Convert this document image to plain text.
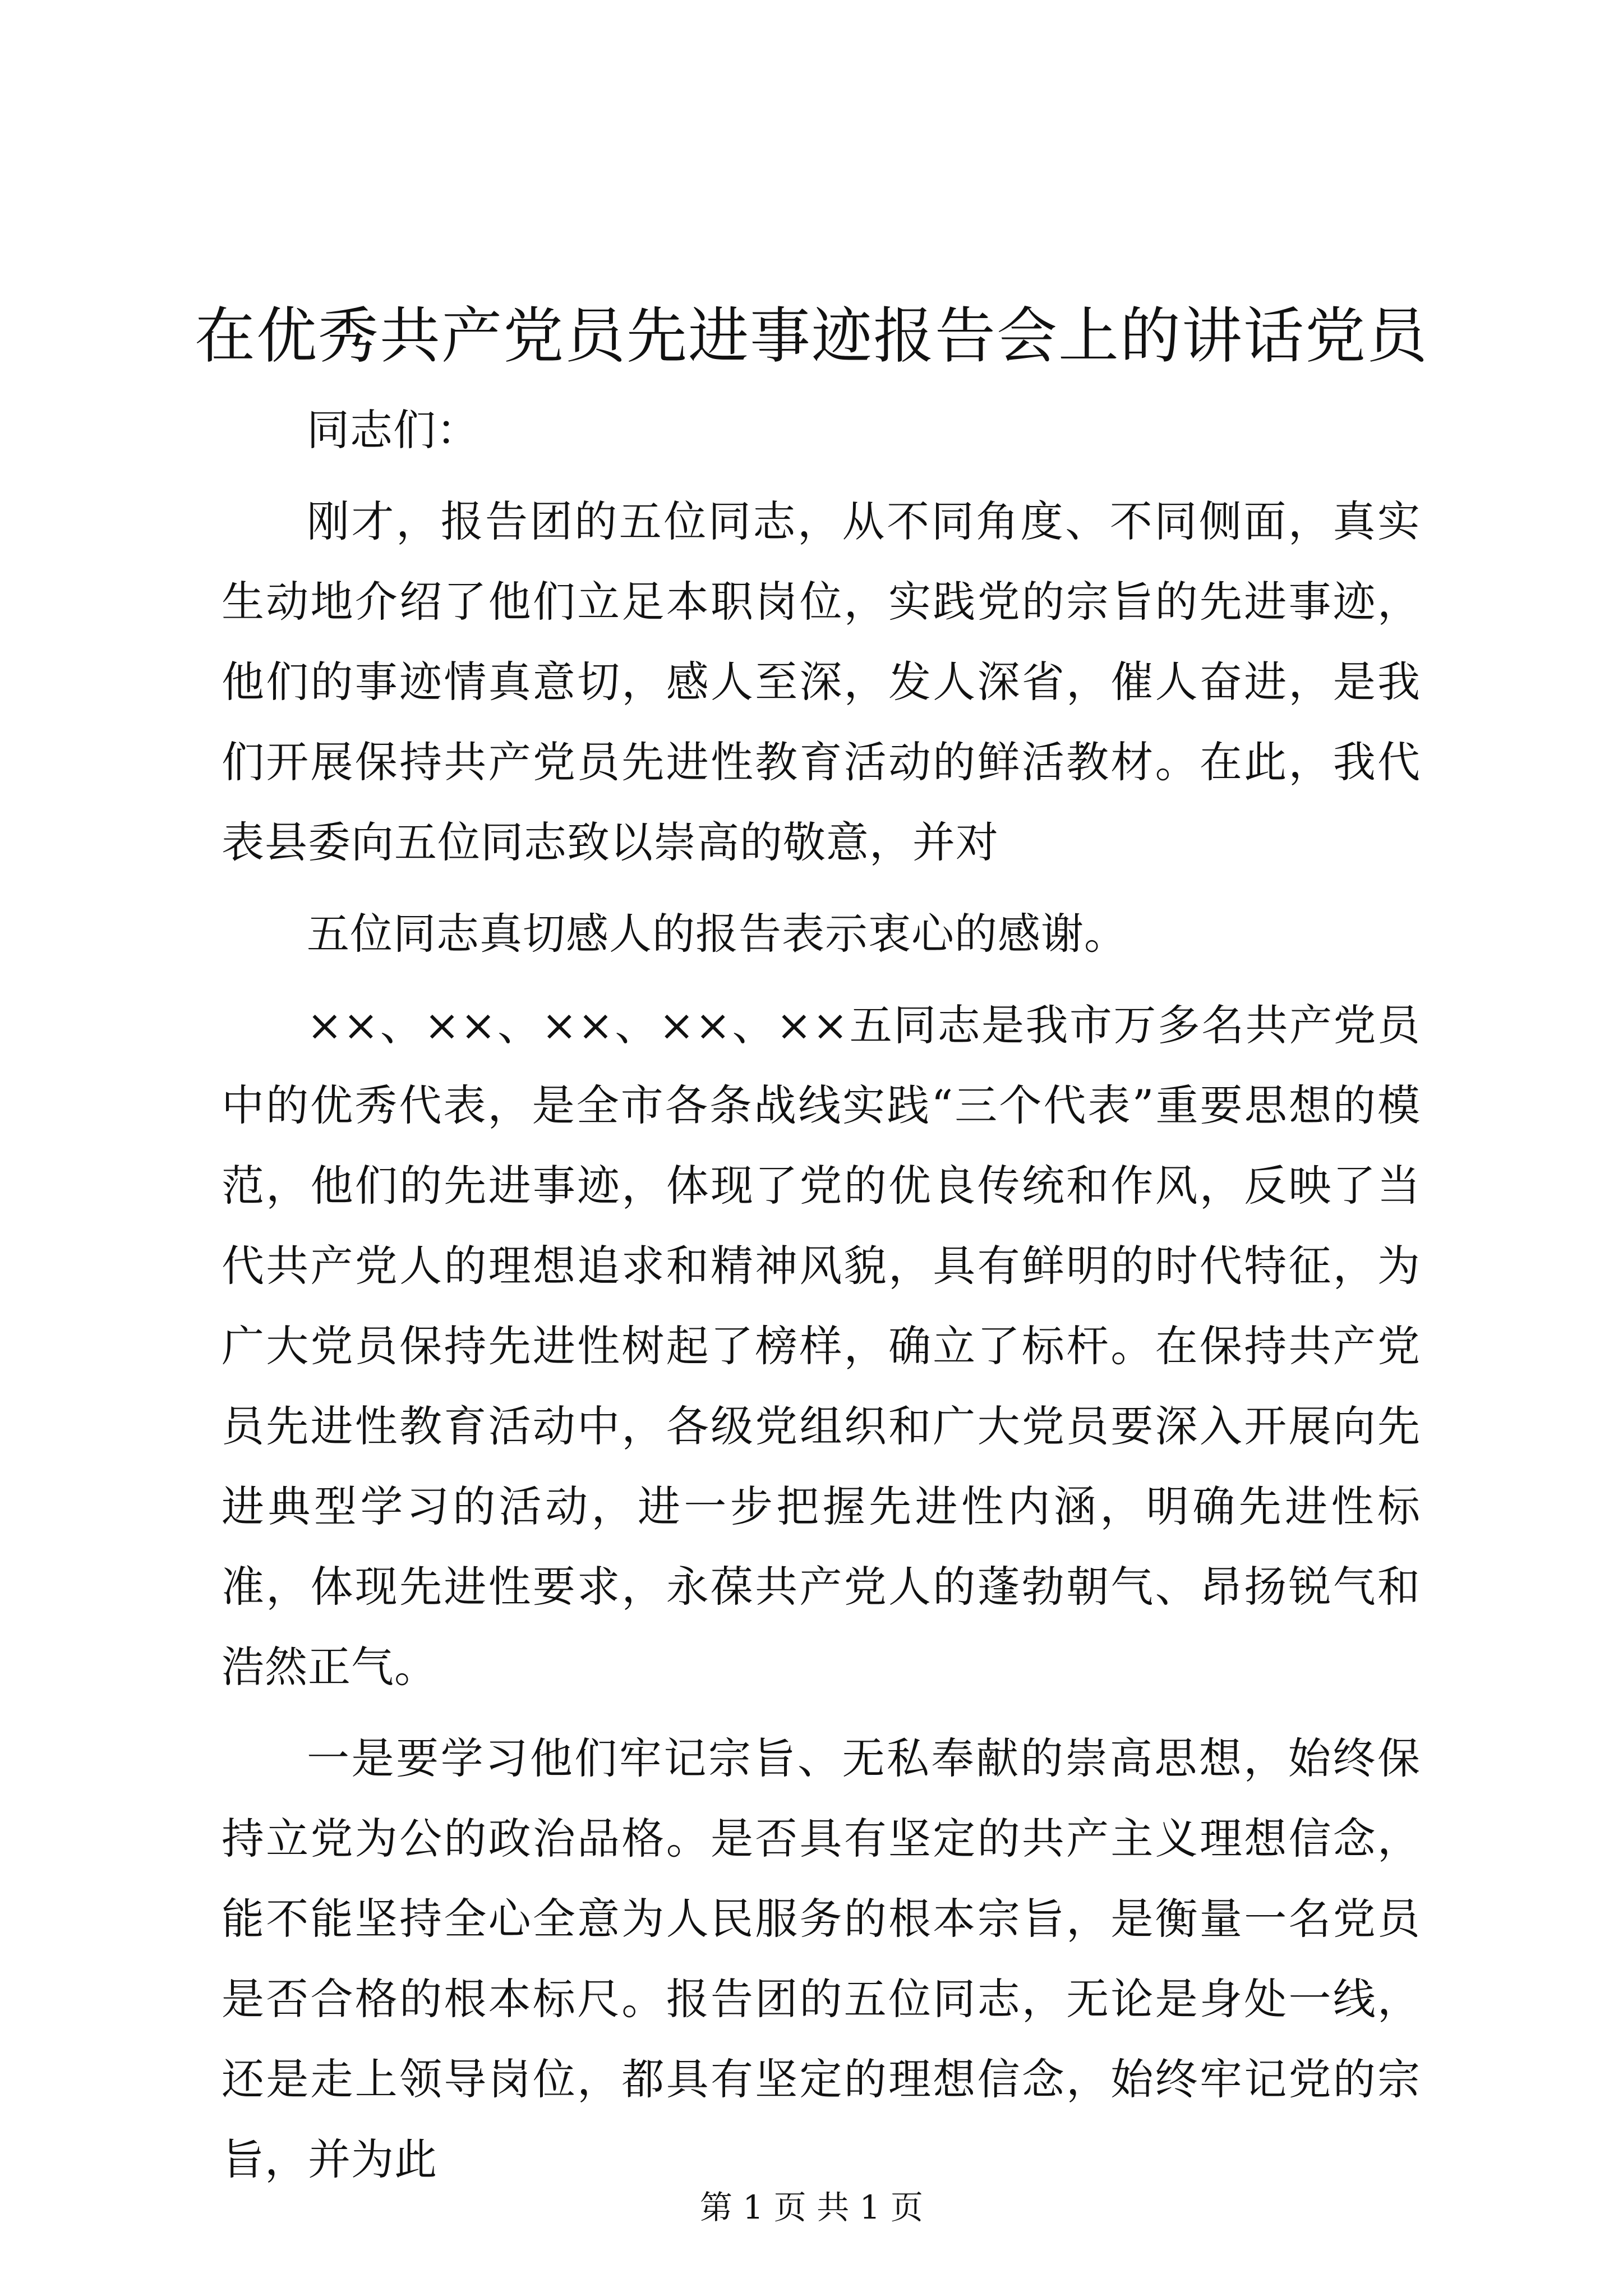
在优秀共产党员先进事迹报告会上的讲话党员

同志们：

刚才，报告团的五位同志，从不同角度、不同侧面，真实生动地介绍了他们立足本职岗位，实践党的宗旨的先进事迹，他们的事迹情真意切，感人至深，发人深省，催人奋进，是我们开展保持共产党员先进性教育活动的鲜活教材。在此，我代表县委向五位同志致以崇高的敬意，并对

五位同志真切感人的报告表示衷心的感谢。

××、××、××、××、××五同志是我市万多名共产党员中的优秀代表，是全市各条战线实践“三个代表”重要思想的模范，他们的先进事迹，体现了党的优良传统和作风，反映了当代共产党人的理想追求和精神风貌，具有鲜明的时代特征，为广大党员保持先进性树起了榜样，确立了标杆。在保持共产党员先进性教育活动中，各级党组织和广大党员要深入开展向先进典型学习的活动，进一步把握先进性内涵，明确先进性标准，体现先进性要求，永葆共产党人的蓬勃朝气、昂扬锐气和浩然正气。

一是要学习他们牢记宗旨、无私奉献的崇高思想，始终保持立党为公的政治品格。是否具有坚定的共产主义理想信念，能不能坚持全心全意为人民服务的根本宗旨，是衡量一名党员是否合格的根本标尺。报告团的五位同志，无论是身处一线，还是走上领导岗位，都具有坚定的理想信念，始终牢记党的宗旨，并为此

第 1 页 共 1 页
